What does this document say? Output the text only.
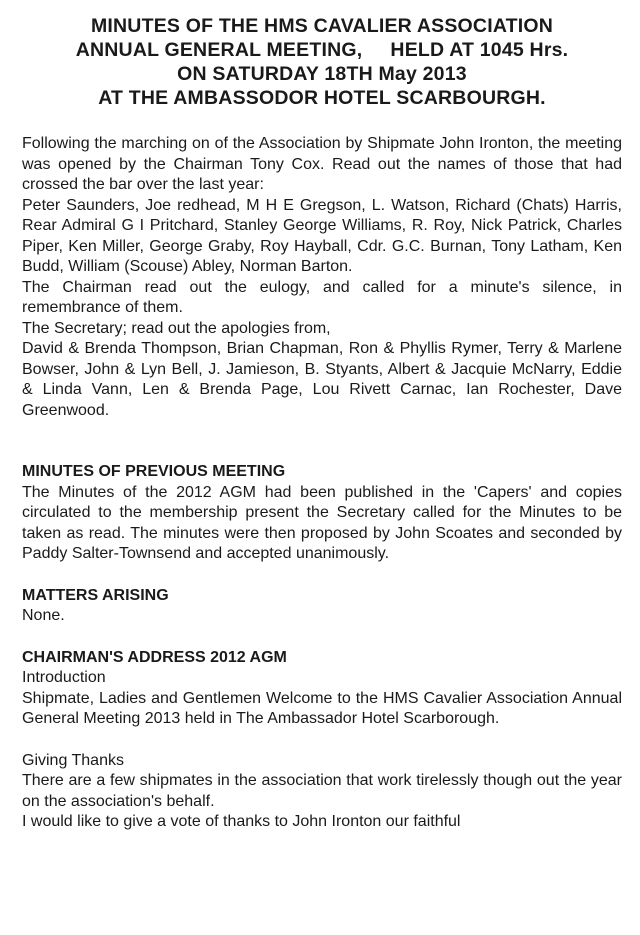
MINUTES OF THE HMS CAVALIER ASSOCIATION
ANNUAL GENERAL MEETING,     HELD AT 1045 Hrs.
ON SATURDAY 18TH May 2013
AT THE AMBASSODOR HOTEL SCARBOURGH.

Following the marching on of the Association by Shipmate John Ironton, the meeting was opened by the Chairman Tony Cox. Read out the names of those that had crossed the bar over the last year:

Peter Saunders, Joe redhead, M H E Gregson, L. Watson, Richard (Chats) Harris, Rear Admiral G I Pritchard, Stanley George Williams, R. Roy, Nick Patrick, Charles Piper, Ken Miller, George Graby, Roy Hayball, Cdr. G.C. Burnan, Tony Latham, Ken Budd, William (Scouse) Abley, Norman Barton.

The Chairman read out the eulogy, and called for a minute's silence, in remembrance of them.

The Secretary; read out the apologies from,

David & Brenda Thompson, Brian Chapman, Ron & Phyllis Rymer, Terry & Marlene Bowser, John & Lyn Bell, J. Jamieson, B. Styants, Albert & Jacquie McNarry, Eddie & Linda Vann, Len & Brenda Page, Lou Rivett Carnac, Ian Rochester, Dave Greenwood.

MINUTES OF PREVIOUS MEETING

The Minutes of the 2012 AGM had been published in the 'Capers' and copies circulated to the membership present the Secretary called for the Minutes to be taken as read. The minutes were then proposed by John Scoates and seconded by Paddy Salter-Townsend and accepted unanimously.

MATTERS ARISING

None.

CHAIRMAN'S ADDRESS 2012 AGM

Introduction

Shipmate, Ladies and Gentlemen Welcome to the HMS Cavalier Association Annual General Meeting 2013 held in The Ambassador Hotel Scarborough.

Giving Thanks

There are a few shipmates in the association that work tirelessly though out the year on the association's behalf.

I would like to give a vote of thanks to John Ironton our faithful
